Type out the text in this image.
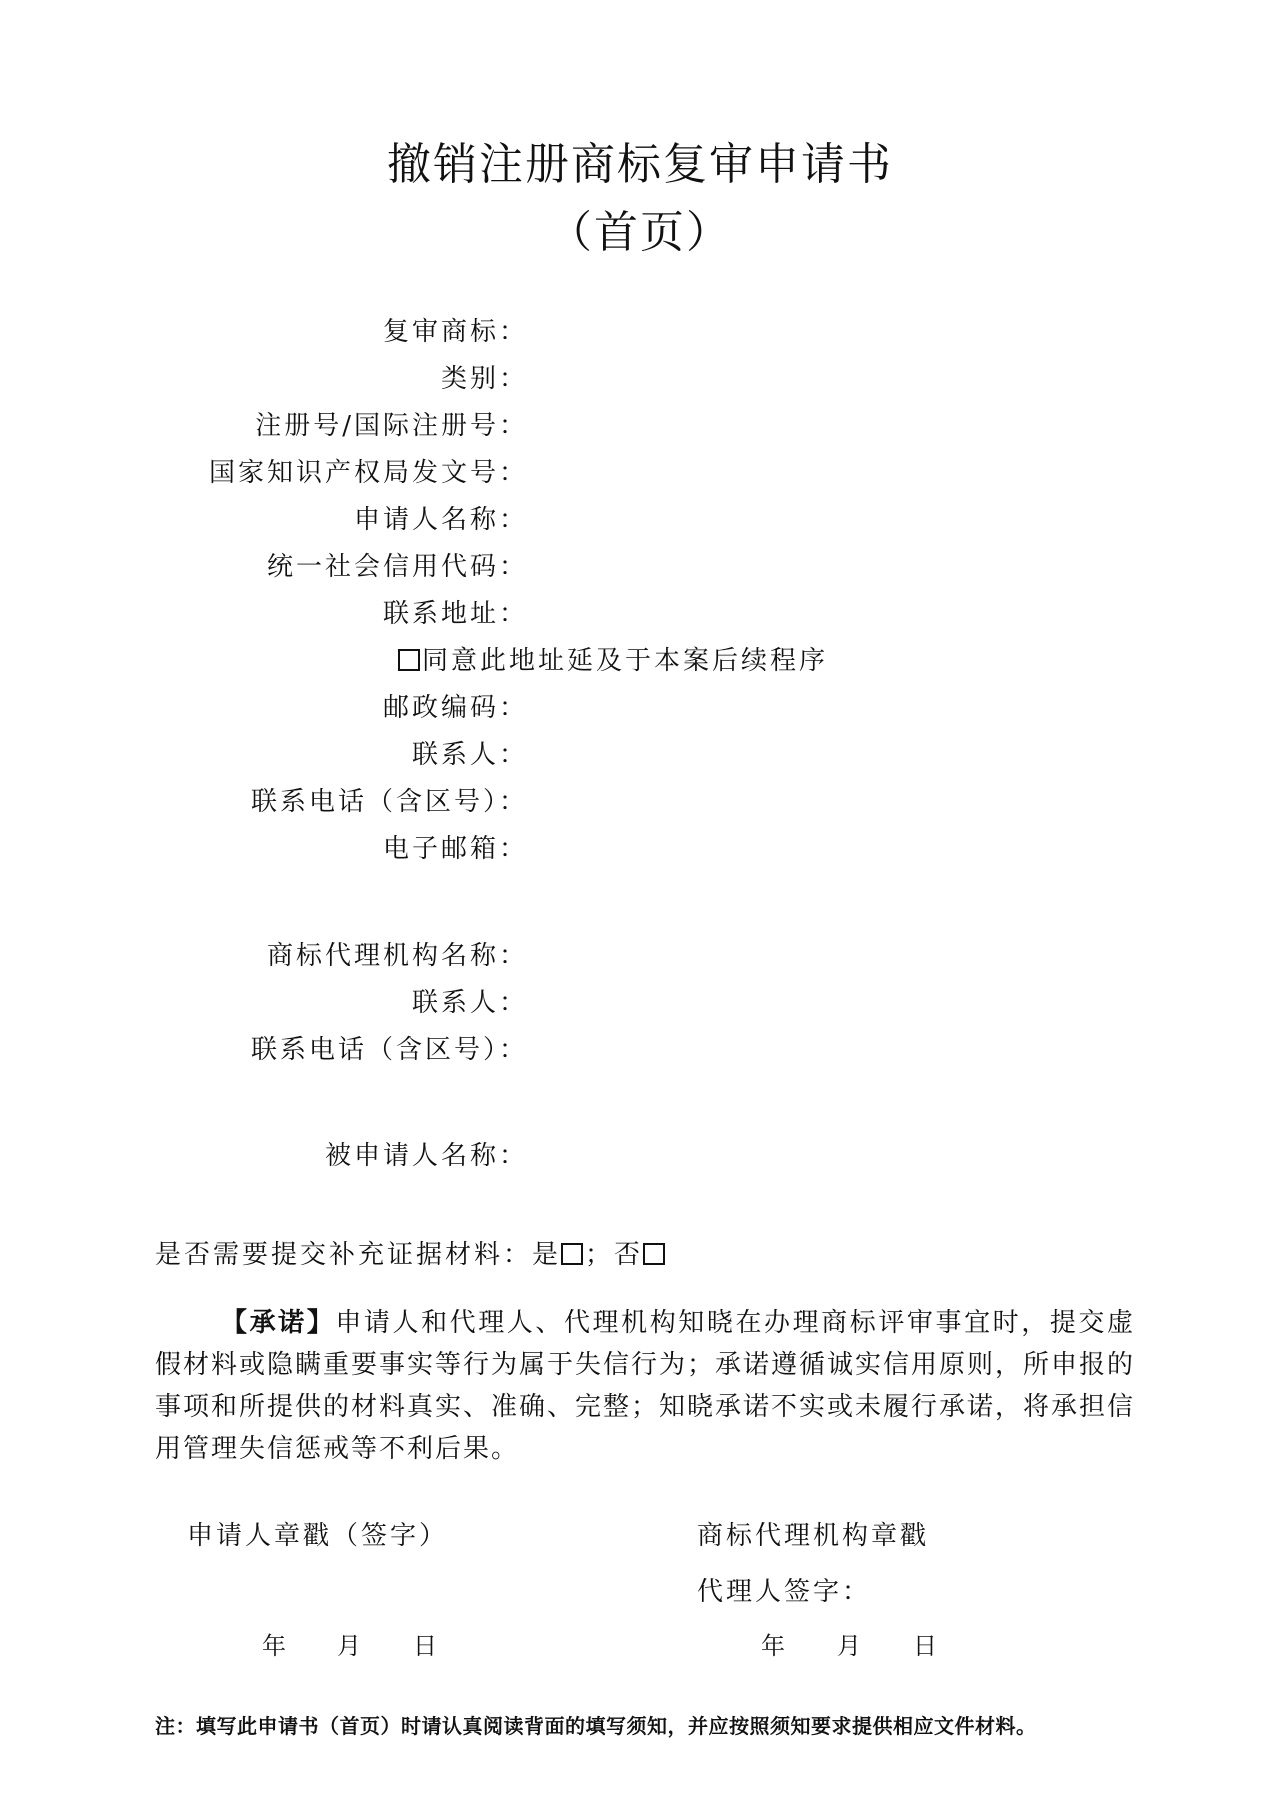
撤销注册商标复审申请书
（首页）
复审商标：
类别：
注册号/国际注册号：
国家知识产权局发文号：
申请人名称：
统一社会信用代码：
联系地址：
同意此地址延及于本案后续程序
邮政编码：
联系人：
联系电话（含区号）：
电子邮箱：
商标代理机构名称：
联系人：
联系电话（含区号）：
被申请人名称：
是否需要提交补充证据材料：是 ；否
【承诺】申请人和代理人、代理机构知晓在办理商标评审事宜时，提交虚假材料或隐瞒重要事实等行为属于失信行为；承诺遵循诚实信用原则，所申报的事项和所提供的材料真实、准确、完整；知晓承诺不实或未履行承诺，将承担信用管理失信惩戒等不利后果。
申请人章戳（签字）	商标代理机构章戳
代理人签字：
年 月 日	年 月 日
注：填写此申请书（首页）时请认真阅读背面的填写须知，并应按照须知要求提供相应文件材料。
